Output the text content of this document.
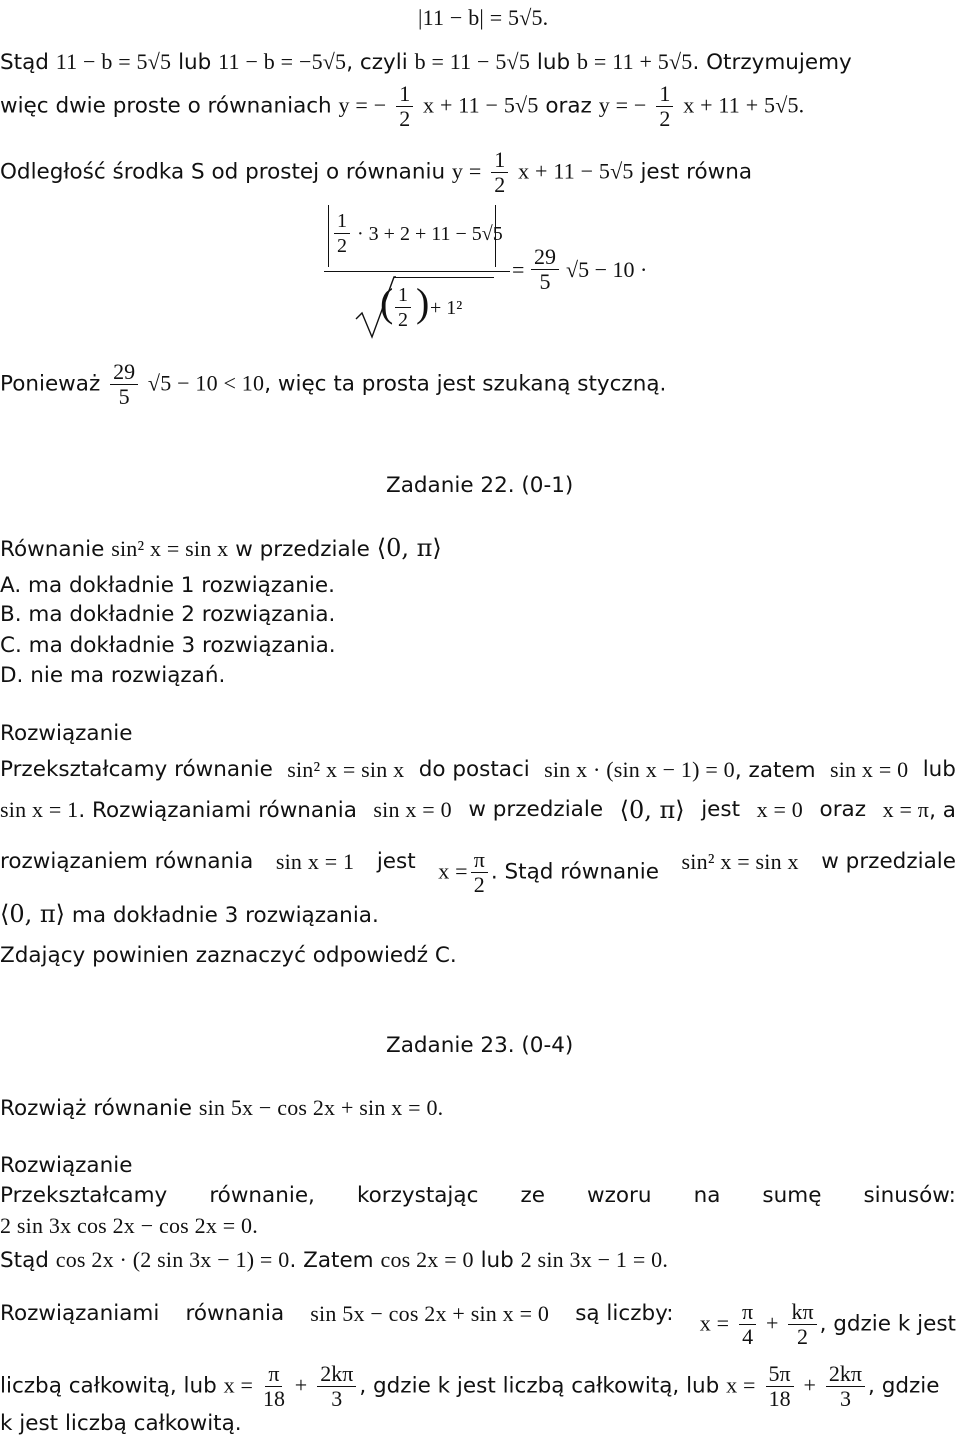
|11 − b| = 5√5.
Stąd 11 − b = 5√5 lub 11 − b = −5√5, czyli b = 11 − 5√5 lub b = 11 + 5√5. Otrzymujemy
więc dwie proste o równaniach y = − $\frac{1}{2}$ x + 11 − 5√5 oraz y = − $\frac{1}{2}$ x + 11 + 5√5.
Odległość środka S od prostej o równaniu $y = \frac{1}{2}$ x + 11 − 5√5 jest równa
$\frac{1}{2} \cdot 3 + 2 + 11 - 5√5$
( $\frac{1}{2}$ ) + 1²
= $\frac{29}{5} √5 - 10$ ·
Ponieważ $\frac{29}{5} √5 - 10 < 10$, więc ta prosta jest szukaną styczną.
Zadanie 22. (0-1)
Równanie sin² x = sin x w przedziale ⟨0, π⟩
A. ma dokładnie 1 rozwiązanie.
B. ma dokładnie 2 rozwiązania.
C. ma dokładnie 3 rozwiązania.
D. nie ma rozwiązań.
Rozwiązanie
Przekształcamy równanie sin² x = sin x do postaci sin x · (sin x − 1) = 0, zatem sin x = 0 lub
sin x = 1. Rozwiązaniami równania sin x = 0 w przedziale ⟨0, π⟩ jest x = 0 oraz x = π, a
rozwiązaniem równania sin x = 1 jest $x = \frac{\pi}{2}$ . Stąd równanie sin² x = sin x w przedziale
⟨0, π⟩ ma dokładnie 3 rozwiązania.
Zdający powinien zaznaczyć odpowiedź C.
Zadanie 23. (0-4)
Rozwiąż równanie sin 5x − cos 2x + sin x = 0.
Rozwiązanie
Przekształcamy równanie, korzystając ze wzoru na sumę sinusów:
2 sin 3x cos 2x − cos 2x = 0.
Stąd cos 2x · (2 sin 3x − 1) = 0. Zatem cos 2x = 0 lub 2 sin 3x − 1 = 0.
Rozwiązaniami równania sin 5x − cos 2x + sin x = 0 są liczby: $x = \frac{\pi}{4} + \frac{k\pi}{2}$ , gdzie k jest
liczbą całkowitą, lub $x = \frac{\pi}{18} + \frac{2k\pi}{3}$ , gdzie k jest liczbą całkowitą, lub $x = \frac{5\pi}{18} + \frac{2k\pi}{3}$ , gdzie
k jest liczbą całkowitą.
